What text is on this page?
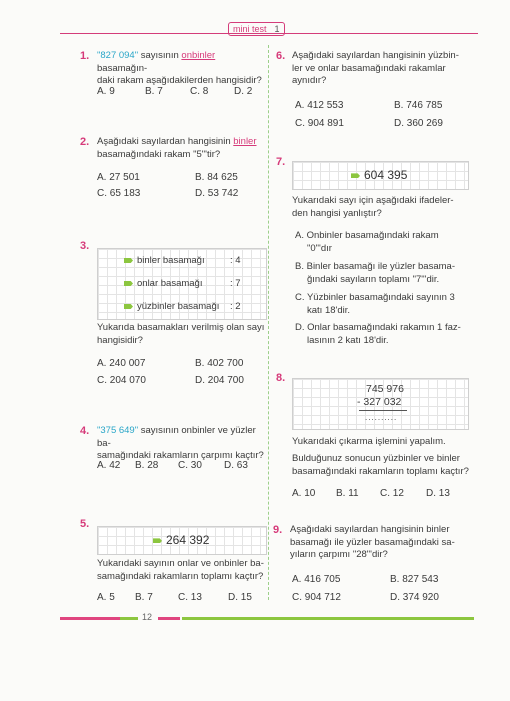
mini test 1
1. "827 094" sayısının onbinler basamağın-
daki rakam aşağıdakilerden hangisidir?
A. 9	B. 7	C. 8	D. 2
2. Aşağıdaki sayılardan hangisinin binler
basamağındaki rakam "5"'tir?
A. 27 501	B. 84 625
C. 65 183	D. 53 742
3.
binler basamağı	: 4
onlar basamağı	: 7
yüzbinler basamağı : 2
Yukarıda basamakları verilmiş olan sayı
hangisidir?
A. 240 007	B. 402 700
C. 204 070	D. 204 700
4. "375 649" sayısının onbinler ve yüzler ba-
samağındaki rakamların çarpımı kaçtır?
A. 42 B. 28 C. 30 D. 63
5.
264 392
Yukarıdaki sayının onlar ve onbinler ba-
samağındaki rakamların toplamı kaçtır?
A. 5 B. 7	C. 13	D. 15
6. Aşağıdaki sayılardan hangisinin yüzbin-
ler ve onlar basamağındaki rakamlar
aynıdır?
A. 412 553	B. 746 785
C. 904 891	D. 360 269
7.
604 395
Yukarıdaki sayı için aşağıdaki ifadeler-
den hangisi yanlıştır?
A. Onbinler basamağındaki rakam
"0"'dır
B. Binler basamağı ile yüzler basama-
ğındaki sayıların toplamı "7"'dir.
C. Yüzbinler basamağındaki sayının 3
katı 18'dir.
D. Onlar basamağındaki rakamın 1 faz-
lasının 2 katı 18'dir.
8.
745 976
- 327 032
..........
Yukarıdaki çıkarma işlemini yapalım.
Bulduğunuz sonucun yüzbinler ve binler
basamağındaki rakamların toplamı kaçtır?
A. 10 B. 11 C. 12 D. 13
9. Aşağıdaki sayılardan hangisinin binler
basamağı ile yüzler basamağındaki sa-
yıların çarpımı "28"'dir?
A. 416 705	B. 827 543
C. 904 712	D. 374 920
12
